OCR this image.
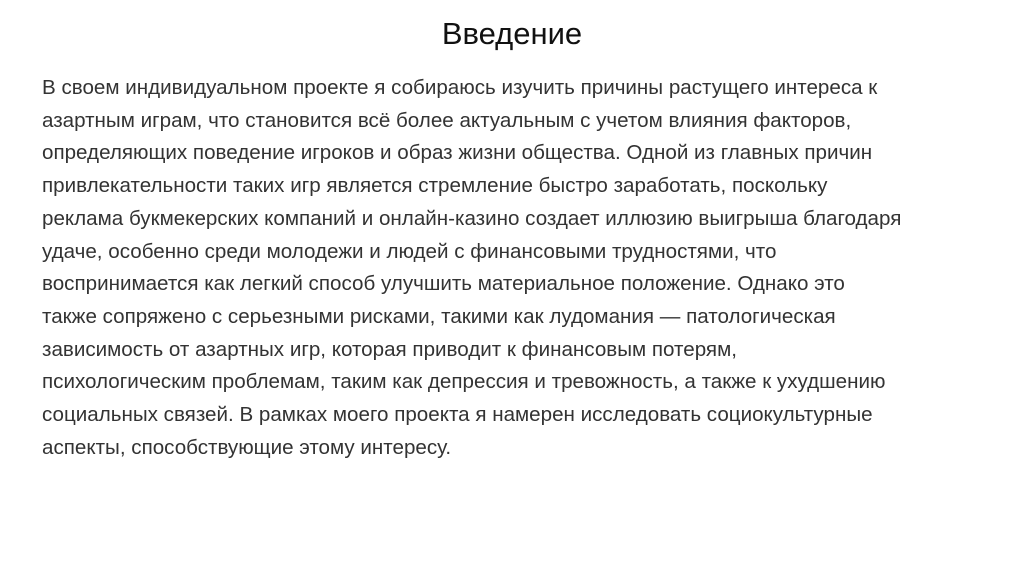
Введение
В своем индивидуальном проекте я собираюсь изучить причины растущего интереса к
азартным играм, что становится всё более актуальным с учетом влияния факторов,
определяющих поведение игроков и образ жизни общества. Одной из главных причин
привлекательности таких игр является стремление быстро заработать, поскольку
реклама букмекерских компаний и онлайн-казино создает иллюзию выигрыша благодаря
удаче, особенно среди молодежи и людей с финансовыми трудностями, что
воспринимается как легкий способ улучшить материальное положение. Однако это
также сопряжено с серьезными рисками, такими как лудомания — патологическая
зависимость от азартных игр, которая приводит к финансовым потерям,
психологическим проблемам, таким как депрессия и тревожность, а также к ухудшению
социальных связей. В рамках моего проекта я намерен исследовать социокультурные
аспекты, способствующие этому интересу.
